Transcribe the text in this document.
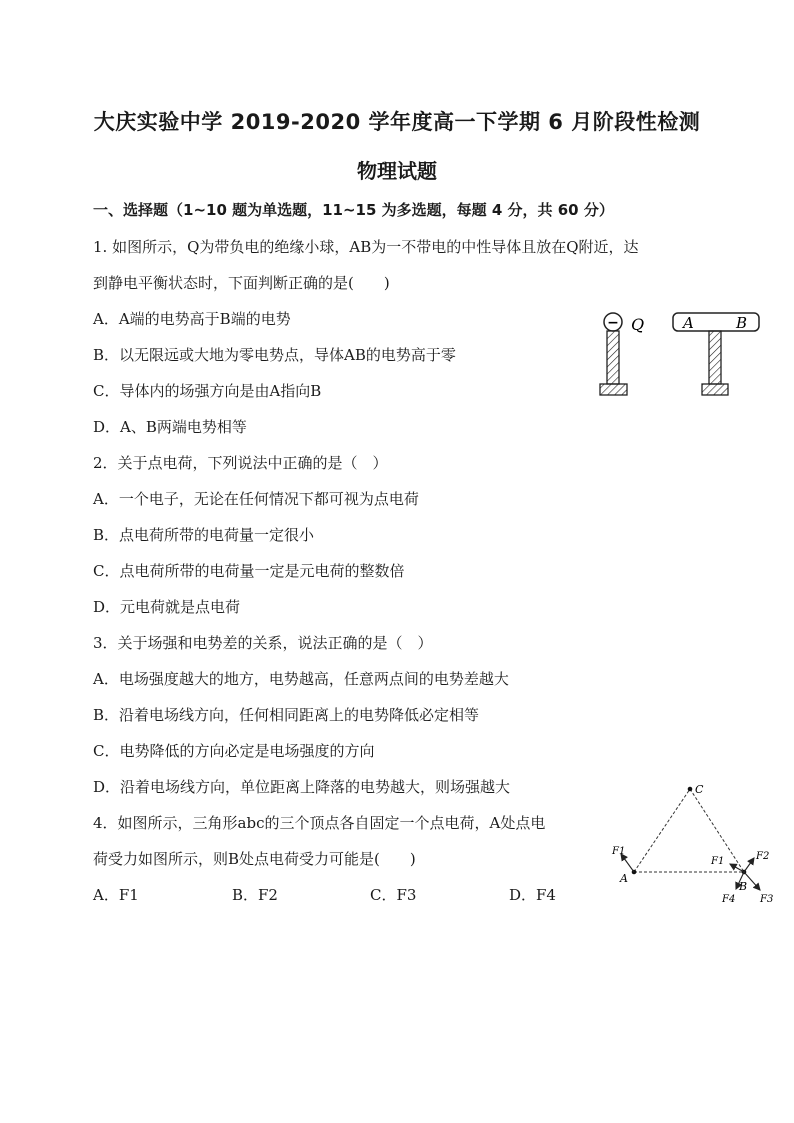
大庆实验中学 2019-2020 学年度高一下学期 6 月阶段性检测
物理试题
一、选择题（1~10 题为单选题，11~15 为多选题，每题 4 分，共 60 分）
1. 如图所示，Q为带负电的绝缘小球，AB为一不带电的中性导体且放在Q附近，达
到静电平衡状态时，下面判断正确的是(　　)
A．A端的电势高于B端的电势
B．以无限远或大地为零电势点，导体AB的电势高于零
C．导体内的场强方向是由A指向B
D．A、B两端电势相等
2．关于点电荷，下列说法中正确的是（　）
A．一个电子，无论在任何情况下都可视为点电荷
B．点电荷所带的电荷量一定很小
C．点电荷所带的电荷量一定是元电荷的整数倍
D．元电荷就是点电荷
3．关于场强和电势差的关系，说法正确的是（　）
A．电场强度越大的地方，电势越高，任意两点间的电势差越大
B．沿着电场线方向，任何相同距离上的电势降低必定相等
C．电势降低的方向必定是电场强度的方向
D．沿着电场线方向，单位距离上降落的电势越大，则场强越大
4．如图所示，三角形abc的三个顶点各自固定一个点电荷，A处点电
荷受力如图所示，则B处点电荷受力可能是(　　)
A．F1	B．F2	C．F3	D．F4
− Q	A	B
A
B
C
F1
F1	F2
F3
F4
